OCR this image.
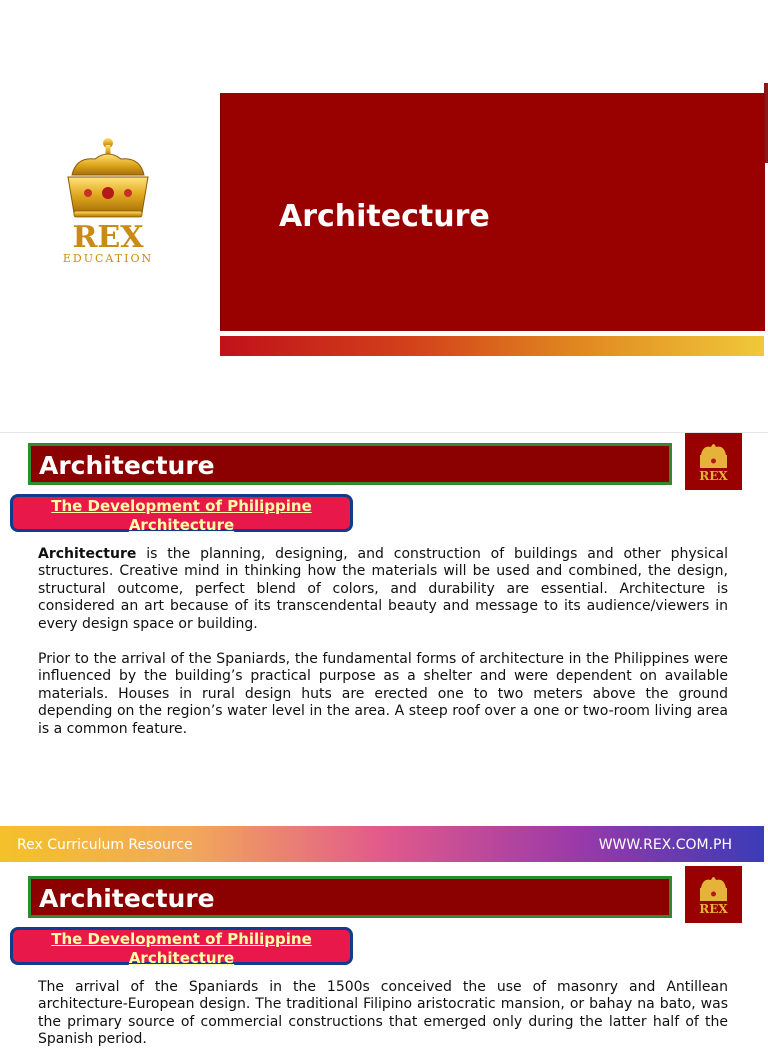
REX
EDUCATION
Architecture
Architecture	REX
The Development of Philippine Architecture

Architecture is the planning, designing, and construction of buildings and other physical structures. Creative mind in thinking how the materials will be used and combined, the design, structural outcome, perfect blend of colors, and durability are essential. Architecture is considered an art because of its transcendental beauty and message to its audience/viewers in every design space or building.

Prior to the arrival of the Spaniards, the fundamental forms of architecture in the Philippines were influenced by the building’s practical purpose as a shelter and were dependent on available materials. Houses in rural design huts are erected one to two meters above the ground depending on the region’s water level in the area. A steep roof over a one or two-room living area is a common feature.

Rex Curriculum Resource	WWW.REX.COM.PH
Architecture	REX
The Development of Philippine Architecture

The arrival of the Spaniards in the 1500s conceived the use of masonry and Antillean architecture-European design. The traditional Filipino aristocratic mansion, or bahay na bato, was the primary source of commercial constructions that emerged only during the latter half of the Spanish period.
